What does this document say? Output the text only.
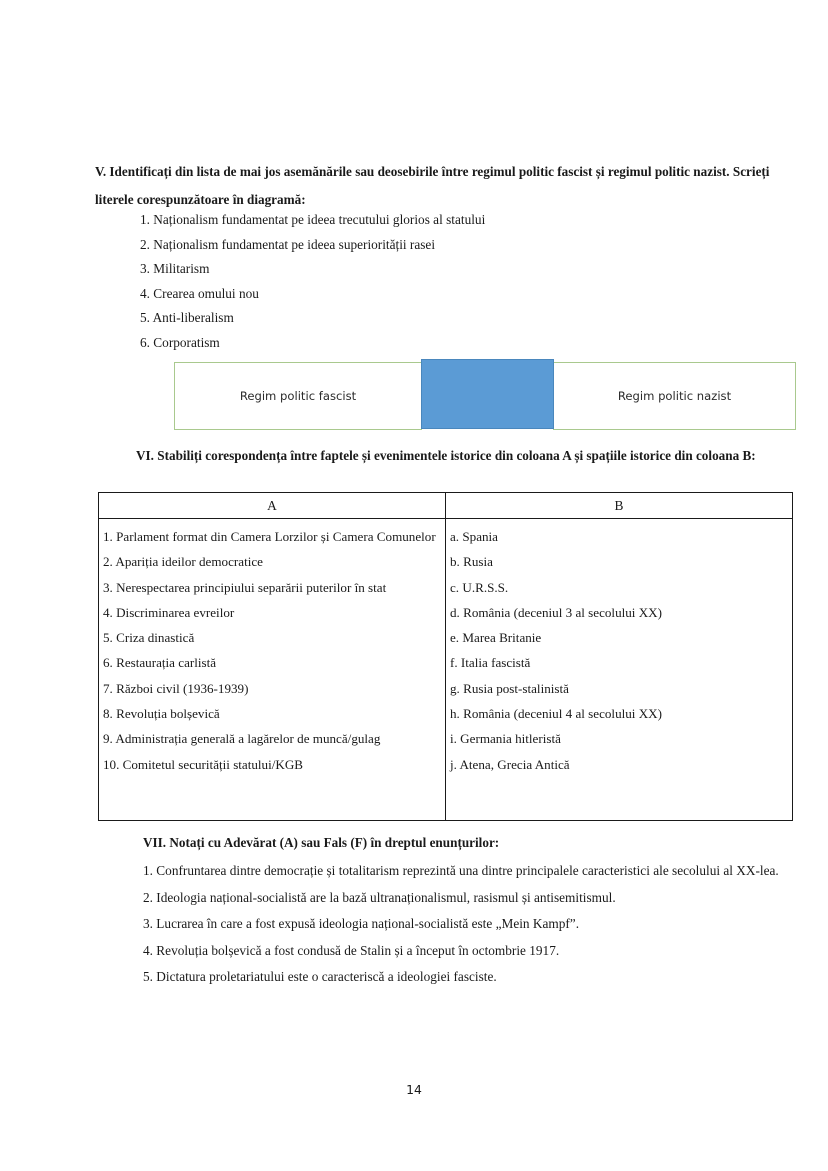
V. Identificați din lista de mai jos asemănările sau deosebirile între regimul politic fascist și regimul politic nazist. Scrieți literele corespunzătoare în diagramă:
1. Naționalism fundamentat pe ideea trecutului glorios al statului
2. Naționalism fundamentat pe ideea superiorității rasei
3. Militarism
4. Crearea omului nou
5. Anti-liberalism
6. Corporatism
Regim politic fascist	Regim politic nazist
VI. Stabiliți corespondența între faptele și evenimentele istorice din coloana A și spațiile istorice din coloana B:
A	B

1. Parlament format din Camera Lorzilor și Camera Comunelor
2. Apariția ideilor democratice
3. Nerespectarea principiului separării puterilor în stat
4. Discriminarea evreilor
5. Criza dinastică
6. Restaurația carlistă
7. Război civil (1936-1939)
8. Revoluția bolșevică
9. Administrația generală a lagărelor de muncă/gulag
10. Comitetul securității statului/KGB

a. Spania
b. Rusia
c. U.R.S.S.
d. România (deceniul 3 al secolului XX)
e. Marea Britanie
f. Italia fascistă
g. Rusia post-stalinistă
h. România (deceniul 4 al secolului XX)
i. Germania hitleristă
j. Atena, Grecia Antică
VII. Notați cu Adevărat (A) sau Fals (F) în dreptul enunțurilor:
1. Confruntarea dintre democrație și totalitarism reprezintă una dintre principalele caracteristici ale secolului al XX-lea.
2. Ideologia național-socialistă are la bază ultranaționalismul, rasismul și antisemitismul.
3. Lucrarea în care a fost expusă ideologia național-socialistă este „Mein Kampf”.
4. Revoluția bolșevică a fost condusă de Stalin și a început în octombrie 1917.
5. Dictatura proletariatului este o caracteriscă a ideologiei fasciste.
14
